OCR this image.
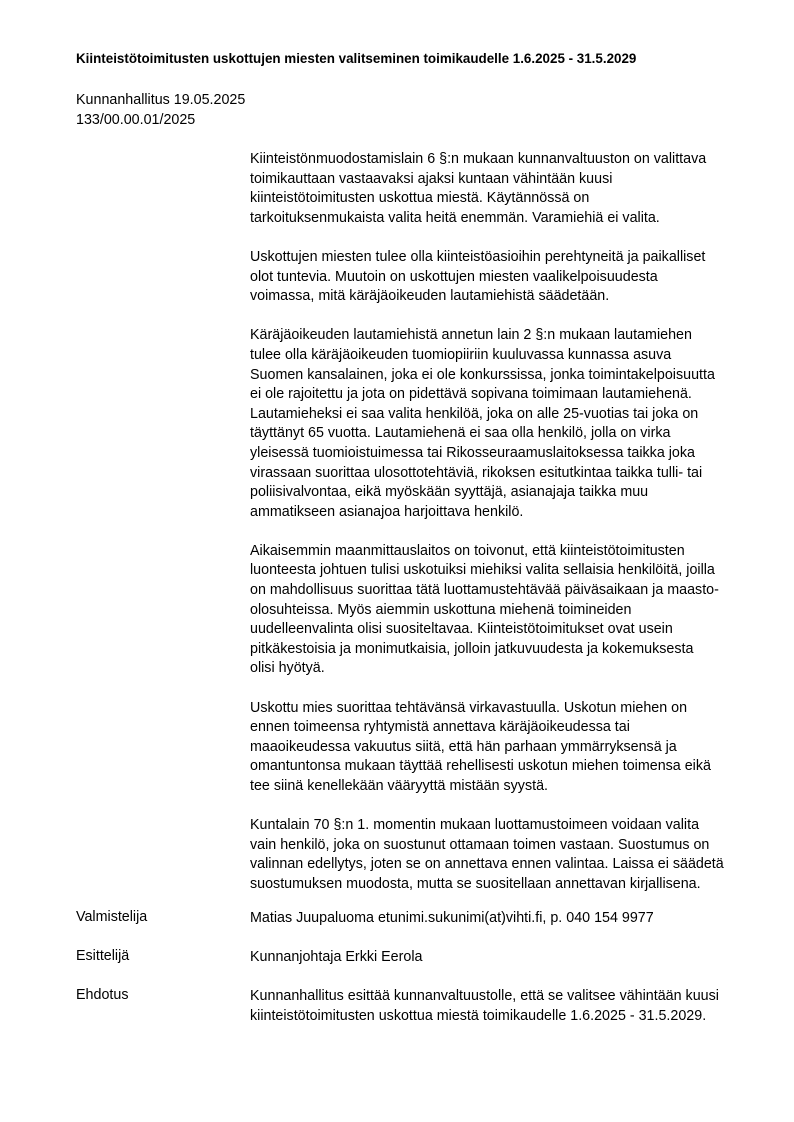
Kiinteistötoimitusten uskottujen miesten valitseminen toimikaudelle 1.6.2025 - 31.5.2029
Kunnanhallitus 19.05.2025
133/00.00.01/2025
Kiinteistönmuodostamislain 6 §:n mukaan kunnanvaltuuston on valittava
toimikauttaan vastaavaksi ajaksi kuntaan vähintään kuusi
kiinteistötoimitusten uskottua miestä. Käytännössä on
tarkoituksenmukaista valita heitä enemmän. Varamiehiä ei valita.
Uskottujen miesten tulee olla kiinteistöasioihin perehtyneitä ja paikalliset
olot tuntevia. Muutoin on uskottujen miesten vaalikelpoisuudesta
voimassa, mitä käräjäoikeuden lautamiehistä säädetään.
Käräjäoikeuden lautamiehistä annetun lain 2 §:n mukaan lautamiehen
tulee olla käräjäoikeuden tuomiopiiriin kuuluvassa kunnassa asuva
Suomen kansalainen, joka ei ole konkurssissa, jonka toimintakelpoisuutta
ei ole rajoitettu ja jota on pidettävä sopivana toimimaan lautamiehenä.
Lautamieheksi ei saa valita henkilöä, joka on alle 25-vuotias tai joka on
täyttänyt 65 vuotta. Lautamiehenä ei saa olla henkilö, jolla on virka
yleisessä tuomioistuimessa tai Rikosseuraamuslaitoksessa taikka joka
virassaan suorittaa ulosottotehtäviä, rikoksen esitutkintaa taikka tulli- tai
poliisivalvontaa, eikä myöskään syyttäjä, asianajaja taikka muu
ammatikseen asianajoa harjoittava henkilö.
Aikaisemmin maanmittauslaitos on toivonut, että kiinteistötoimitusten
luonteesta johtuen tulisi uskotuiksi miehiksi valita sellaisia henkilöitä, joilla
on mahdollisuus suorittaa tätä luottamustehtävää päiväsaikaan ja maasto-
olosuhteissa. Myös aiemmin uskottuna miehenä toimineiden
uudelleenvalinta olisi suositeltavaa. Kiinteistötoimitukset ovat usein
pitkäkestoisia ja monimutkaisia, jolloin jatkuvuudesta ja kokemuksesta
olisi hyötyä.
Uskottu mies suorittaa tehtävänsä virkavastuulla. Uskotun miehen on
ennen toimeensa ryhtymistä annettava käräjäoikeudessa tai
maaoikeudessa vakuutus siitä, että hän parhaan ymmärryksensä ja
omantuntonsa mukaan täyttää rehellisesti uskotun miehen toimensa eikä
tee siinä kenellekään vääryyttä mistään syystä.
Kuntalain 70 §:n 1. momentin mukaan luottamustoimeen voidaan valita
vain henkilö, joka on suostunut ottamaan toimen vastaan. Suostumus on
valinnan edellytys, joten se on annettava ennen valintaa. Laissa ei säädetä
suostumuksen muodosta, mutta se suositellaan annettavan kirjallisena.
Valmistelija	Matias Juupaluoma etunimi.sukunimi(at)vihti.fi, p. 040 154 9977
Esittelijä	Kunnanjohtaja Erkki Eerola
Ehdotus	Kunnanhallitus esittää kunnanvaltuustolle, että se valitsee vähintään kuusi
kiinteistötoimitusten uskottua miestä toimikaudelle 1.6.2025 - 31.5.2029.
